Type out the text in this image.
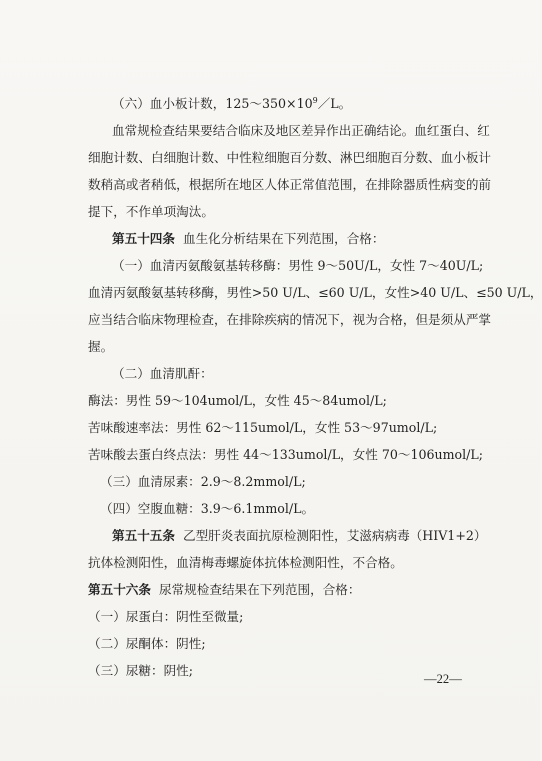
（六）血小板计数，$125\sim 350\times 10^9/L$。
血常规检查结果要结合临床及地区差异作出正确结论。血红蛋白、红
细胞计数、白细胞计数、中性粒细胞百分数、淋巴细胞百分数、血小板计
数稍高或者稍低，根据所在地区人体正常值范围，在排除器质性病变的前
提下，不作单项淘汰。
第五十四条 血生化分析结果在下列范围，合格：
（一）血清丙氨酸氨基转移酶：男性 9～50U/L，女性 7～40U/L;
血清丙氨酸氨基转移酶，男性>50 U/L、≤60 U/L，女性>40 U/L、≤50 U/L，
应当结合临床物理检查，在排除疾病的情况下，视为合格，但是须从严掌
握。
（二）血清肌酐：
酶法：男性 59～104umol/L，女性 45～84umol/L;
苦味酸速率法：男性 62～115umol/L，女性 53～97umol/L;
苦味酸去蛋白终点法：男性 44～133umol/L，女性 70～106umol/L;
（三）血清尿素：2.9～8.2mmol/L;
（四）空腹血糖：3.9～6.1mmol/L。
第五十五条 乙型肝炎表面抗原检测阳性，艾滋病病毒（HIV1+2）
抗体检测阳性，血清梅毒螺旋体抗体检测阳性，不合格。
第五十六条 尿常规检查结果在下列范围，合格：
（一）尿蛋白：阴性至微量;
（二）尿酮体：阴性;
（三）尿糖：阴性;
—22—
